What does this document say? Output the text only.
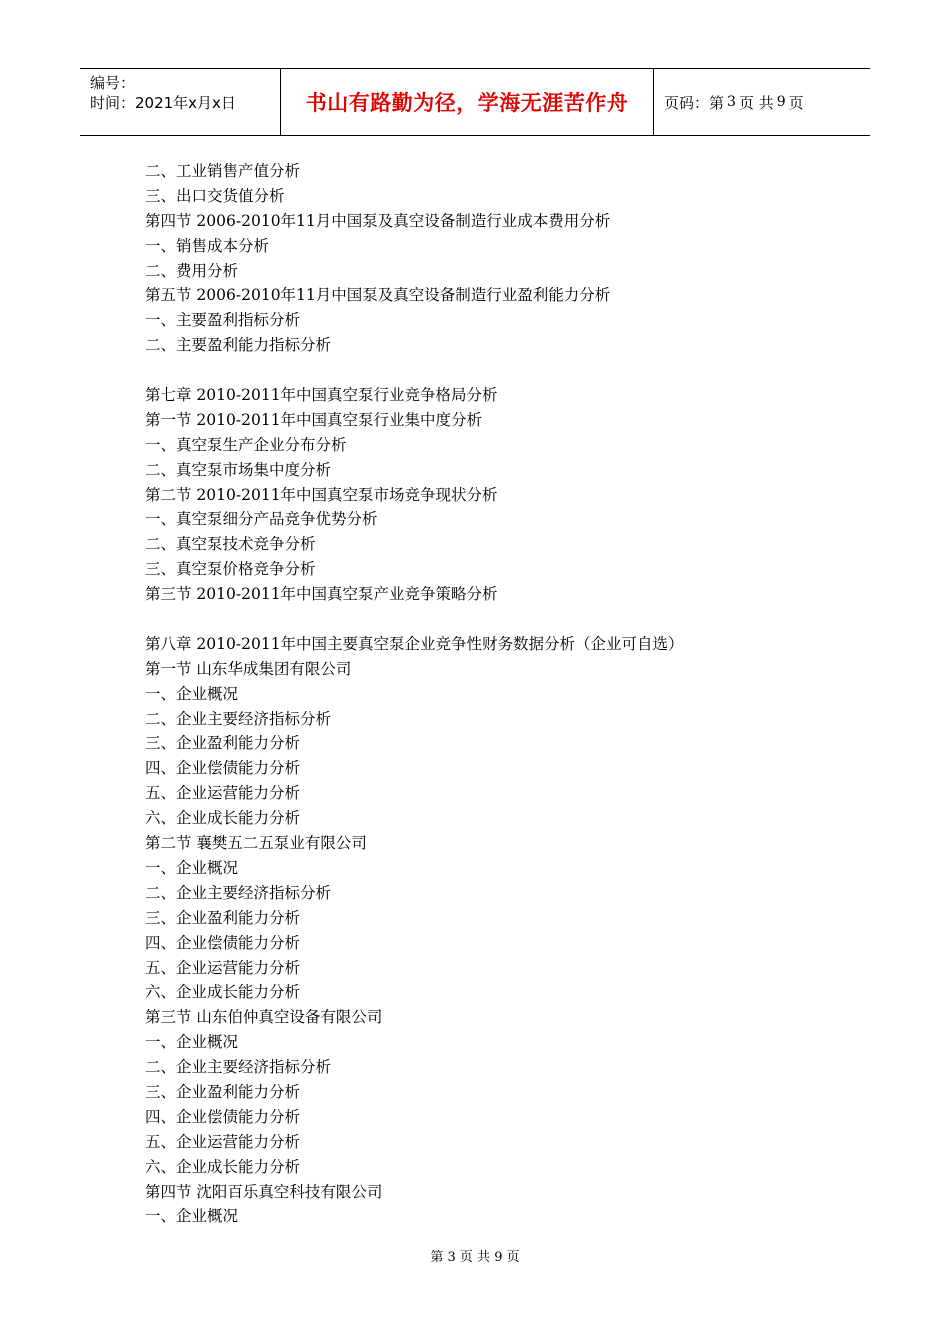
编号：
时间：2021年x月x日	书山有路勤为径，学海无涯苦作舟 页码：第 3 页 共 9 页
二、工业销售产值分析
三、出口交货值分析
第四节 2006-2010年11月中国泵及真空设备制造行业成本费用分析
一、销售成本分析
二、费用分析
第五节 2006-2010年11月中国泵及真空设备制造行业盈利能力分析
一、主要盈利指标分析
二、主要盈利能力指标分析
第七章 2010-2011年中国真空泵行业竞争格局分析
第一节 2010-2011年中国真空泵行业集中度分析
一、真空泵生产企业分布分析
二、真空泵市场集中度分析
第二节 2010-2011年中国真空泵市场竞争现状分析
一、真空泵细分产品竞争优势分析
二、真空泵技术竞争分析
三、真空泵价格竞争分析
第三节 2010-2011年中国真空泵产业竞争策略分析
第八章 2010-2011年中国主要真空泵企业竞争性财务数据分析（企业可自选）
第一节 山东华成集团有限公司
一、企业概况
二、企业主要经济指标分析
三、企业盈利能力分析
四、企业偿债能力分析
五、企业运营能力分析
六、企业成长能力分析
第二节 襄樊五二五泵业有限公司
一、企业概况
二、企业主要经济指标分析
三、企业盈利能力分析
四、企业偿债能力分析
五、企业运营能力分析
六、企业成长能力分析
第三节 山东伯仲真空设备有限公司
一、企业概况
二、企业主要经济指标分析
三、企业盈利能力分析
四、企业偿债能力分析
五、企业运营能力分析
六、企业成长能力分析
第四节 沈阳百乐真空科技有限公司
一、企业概况
第 3 页 共 9 页
